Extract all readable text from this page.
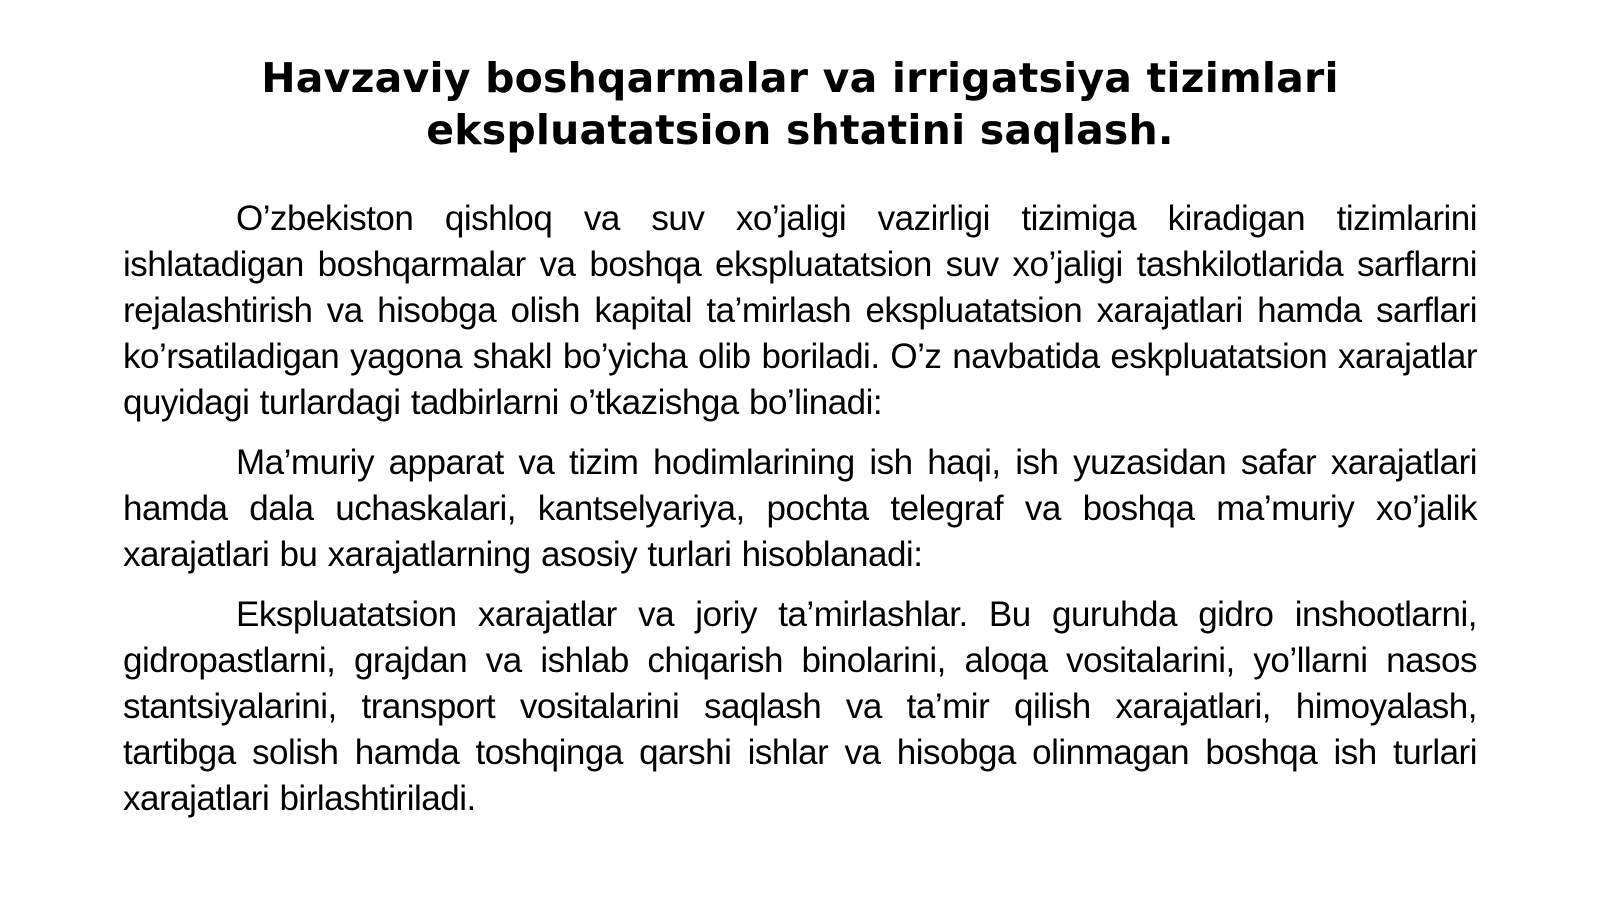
Havzaviy boshqarmalar va irrigatsiya tizimlari
ekspluatatsion shtatini saqlash.

O’zbekiston qishloq va suv xo’jaligi vazirligi tizimiga kiradigan tizimlarini ishlatadigan boshqarmalar va boshqa ekspluatatsion suv xo’jaligi tashkilotlarida sarflarni rejalashtirish va hisobga olish kapital ta’mirlash ekspluatatsion xarajatlari hamda sarflari ko’rsatiladigan yagona shakl bo’yicha olib boriladi. O’z navbatida eskpluatatsion xarajatlar quyidagi turlardagi tadbirlarni o’tkazishga bo’linadi:

Ma’muriy apparat va tizim hodimlarining ish haqi, ish yuzasidan safar xarajatlari hamda dala uchaskalari, kantselyariya, pochta telegraf va boshqa ma’muriy xo’jalik xarajatlari bu xarajatlarning asosiy turlari hisoblanadi:

Ekspluatatsion xarajatlar va joriy ta’mirlashlar. Bu guruhda gidro inshootlarni, gidropastlarni, grajdan va ishlab chiqarish binolarini, aloqa vositalarini, yo’llarni nasos stantsiyalarini, transport vositalarini saqlash va ta’mir qilish xarajatlari, himoyalash, tartibga solish hamda toshqinga qarshi ishlar va hisobga olinmagan boshqa ish turlari xarajatlari birlashtiriladi.
